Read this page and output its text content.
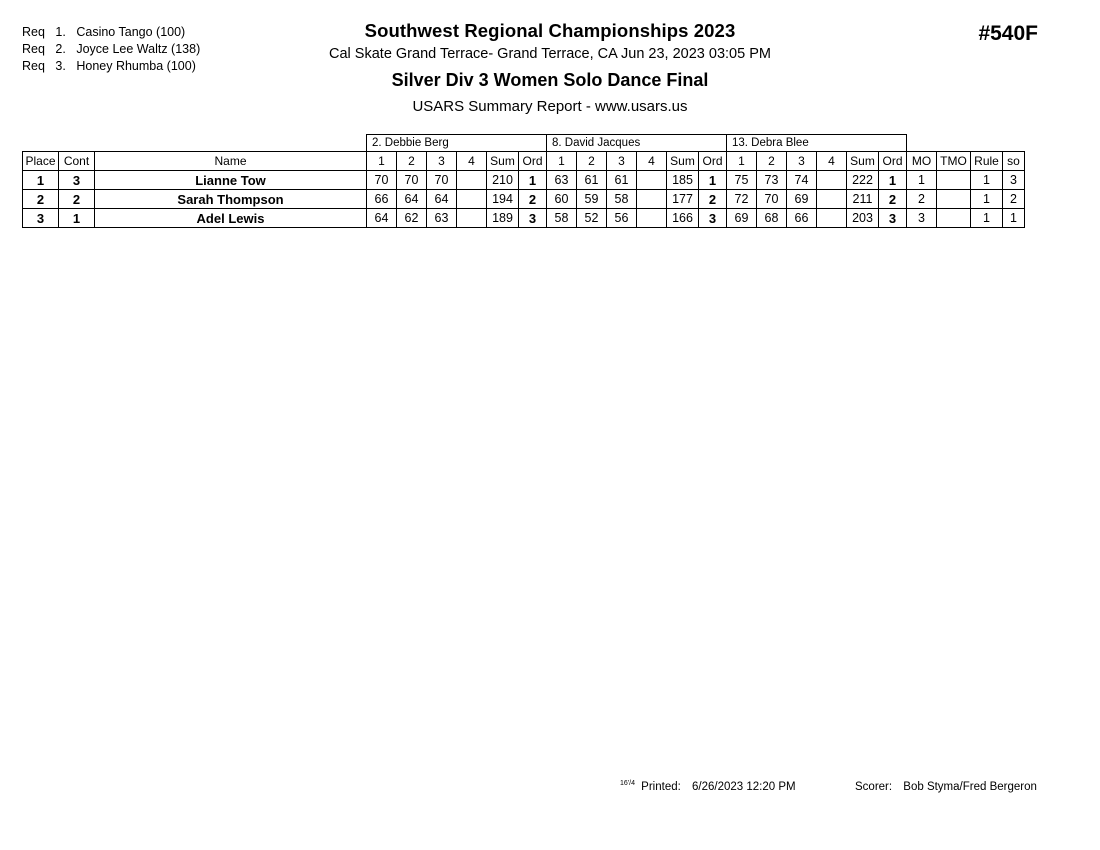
Req 1. Casino Tango (100)
Req 2. Joyce Lee Waltz (138)
Req 3. Honey Rhumba (100)
Southwest Regional Championships 2023
Cal Skate Grand Terrace- Grand Terrace, CA Jun 23, 2023 03:05 PM
Silver Div 3 Women Solo Dance Final
USARS Summary Report - www.usars.us
#540F
			2. Debbie Berg						8. David Jacques						13. Debra Blee									
Place	Cont	Name	1	2	3	4	Sum	Ord	1	2	3	4	Sum	Ord	1	2	3	4	Sum	Ord	MO	TMO	Rule	so
1	3	Lianne Tow	70	70	70		210	1	63	61	61		185	1	75	73	74		222	1	1		1	3
2	2	Sarah Thompson	66	64	64		194	2	60	59	58		177	2	72	70	69		211	2	2		1	2
3	1	Adel Lewis	64	62	63		189	3	58	52	56		166	3	69	68	66		203	3	3		1	1
$^{16'/4}$ Printed: 6/26/2023 12:20 PM	Scorer: Bob Styma/Fred Bergeron
